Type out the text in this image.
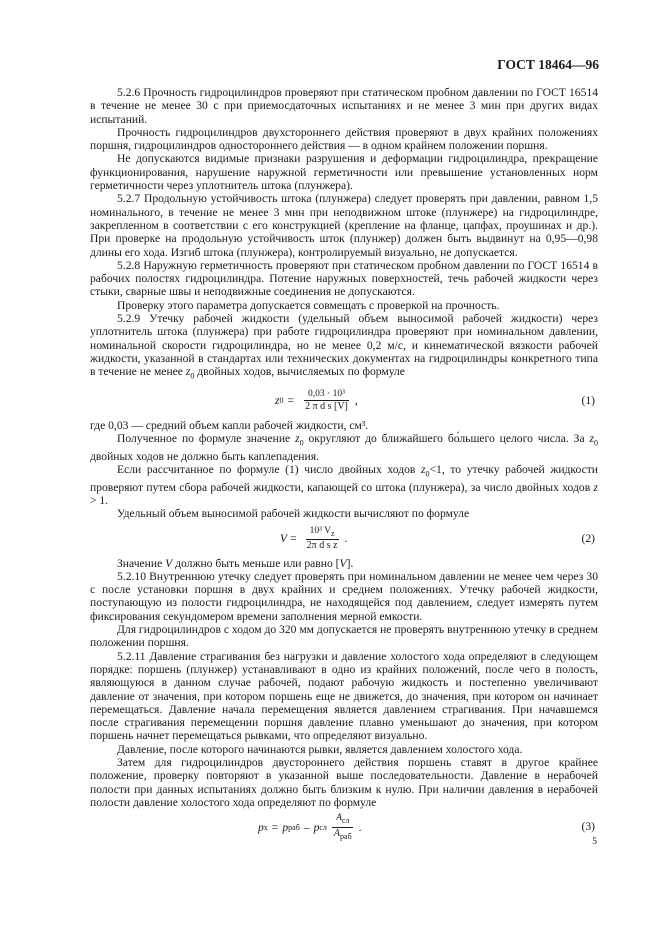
ГОСТ 18464—96

5.2.6 Прочность гидроцилиндров проверяют при статическом пробном давлении по ГОСТ 16514 в течение не менее 30 с при приемосдаточных испытаниях и не менее 3 мин при других видах испытаний.

Прочность гидроцилиндров двухстороннего действия проверяют в двух крайних положениях поршня, гидроцилиндров одностороннего действия — в одном крайнем положении поршня.

Не допускаются видимые признаки разрушения и деформации гидроцилиндра, прекращение функционирования, нарушение наружной герметичности или превышение установленных норм герметичности через уплотнитель штока (плунжера).

5.2.7 Продольную устойчивость штока (плунжера) следует проверять при давлении, равном 1,5 номинального, в течение не менее 3 мин при неподвижном штоке (плунжере) на гидроцилиндре, закрепленном в соответствии с его конструкцией (крепление на фланце, цапфах, проушинах и др.). При проверке на продольную устойчивость шток (плунжер) должен быть выдвинут на 0,95—0,98 длины его хода. Изгиб штока (плунжера), контролируемый визуально, не допускается.

5.2.8 Наружную герметичность проверяют при статическом пробном давлении по ГОСТ 16514 в рабочих полостях гидроцилиндра. Потение наружных поверхностей, течь рабочей жидкости через стыки, сварные швы и неподвижные соединения не допускаются.

Проверку этого параметра допускается совмещать с проверкой на прочность.

5.2.9 Утечку рабочей жидкости (удельный объем выносимой рабочей жидкости) через уплотнитель штока (плунжера) при работе гидроцилиндра проверяют при номинальном давлении, номинальной скорости гидроцилиндра, но не менее 0,2 м/с, и кинематической вязкости рабочей жидкости, указанной в стандартах или технических документах на гидроцилиндры конкретного типа в течение не менее $z_0$ двойных ходов, вычисляемых по формуле

z $0 = \frac{\text{0,03 · 10³}}{\text{2 π d s [V]}}$ ,	(1)

где 0,03 — средний объем капли рабочей жидкости, см³.

Полученное по формуле значение $z_0$ округляют до ближайшего бо́льшего целого числа. За $z_0$ двойных ходов не должно быть каплепадения.

Если рассчитанное по формуле (1) число двойных ходов $z_0<1$, то утечку рабочей жидкости проверяют путем сбора рабочей жидкости, капающей со штока (плунжера), за число двойных ходов z > 1.

Удельный объем выносимой рабочей жидкости вычисляют по формуле

$V = \frac{10^3 V_z}{\text{2π d s z}}$ .	(2)

Значение V должно быть меньше или равно [V].

5.2.10 Внутреннюю утечку следует проверять при номинальном давлении не менее чем через 30 с после установки поршня в двух крайних и среднем положениях. Утечку рабочей жидкости, поступающую из полости гидроцилиндра, не находящейся под давлением, следует измерять путем фиксирования секундомером времени заполнения мерной емкости.

Для гидроцилиндров с ходом до 320 мм допускается не проверять внутреннюю утечку в среднем положении поршня.

5.2.11 Давление страгивания без нагрузки и давление холостого хода определяют в следующем порядке: поршень (плунжер) устанавливают в одно из крайних положений, после чего в полость, являющуюся в данном случае рабочей, подают рабочую жидкость и постепенно увеличивают давление от значения, при котором поршень еще не движется, до значения, при котором он начинает перемещаться. Давление начала перемещения является давлением страгивания. При начавшемся после страгивания перемещении поршня давление плавно уменьшают до значения, при котором поршень начнет перемещаться рывками, что определяют визуально.

Давление, после которого начинаются рывки, является давлением холостого хода.

Затем для гидроцилиндров двустороннего действия поршень ставят в другое крайнее положение, проверку повторяют в указанной выше последовательности. Давление в нерабочей полости при данных испытаниях должно быть близким к нулю. При наличии давления в нерабочей полости давление холостого хода определяют по формуле

p x = p раб – p сл $\frac{A_{сл}}{A_{раб}}$ .	(3)
5
